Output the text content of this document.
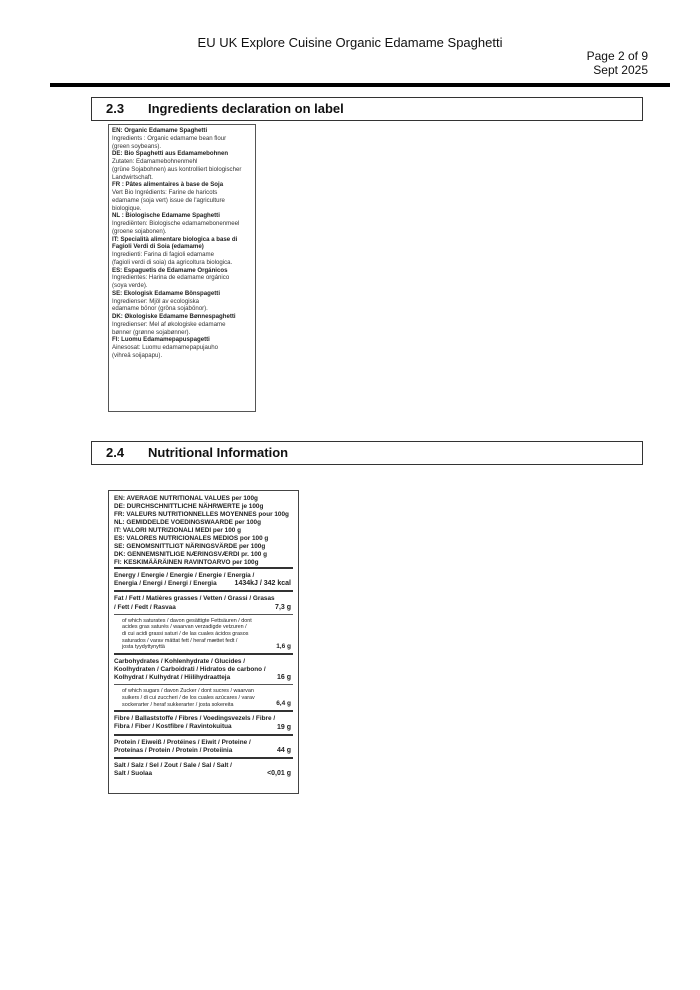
EU UK Explore Cuisine Organic Edamame Spaghetti
Page 2 of 9
Sept 2025
2.3 Ingredients declaration on label
EN: Organic Edamame Spaghetti
Ingredients : Organic edamame bean flour
(green soybeans).
DE: Bio Spaghetti aus Edamamebohnen
Zutaten: Edamamebohnenmehl
(grüne Sojabohnen) aus kontrolliert biologischer
Landwirtschaft.
FR : Pâtes alimentaires à base de Soja
Vert Bio Ingrédients: Farine de haricots
edamame (soja vert) issue de l'agriculture
biologique.
NL : Biologische Edamame Spaghetti
Ingrediënten: Biologische edamamebonenmeel
(groene sojabonen).
IT: Specialità alimentare biologica a base di
Fagioli Verdi di Soia (edamame)
Ingredienti: Farina di fagioli edamame
(fagioli verdi di soia) da agricoltura biologica.
ES: Espaguetis de Edamame Orgánicos
Ingredientes: Harina de edamame orgánico
(soya verde).
SE: Ekologisk Edamame Bönspagetti
Ingredienser: Mjöl av ecologiska
edamame bönor (gröna sojabönor).
DK: Økologiske Edamame Bønnespaghetti
Ingredienser: Mel af økologiske edamame
bønner (grønne sojabønner).
FI: Luomu Edamamepapuspagetti
Ainesosat: Luomu edamamepapujauho
(vihreä soijapapu).
2.4 Nutritional Information
EN: AVERAGE NUTRITIONAL VALUES per 100g
DE: DURCHSCHNITTLICHE NÄHRWERTE je 100g
FR: VALEURS NUTRITIONNELLES MOYENNES pour 100g
NL: GEMIDDELDE VOEDINGSWAARDE per 100g
IT: VALORI NUTRIZIONALI MEDI per 100 g
ES: VALORES NUTRICIONALES MEDIOS por 100 g
SE: GENOMSNITTLIGT NÄRINGSVÄRDE per 100g
DK: GENNEMSNITLIGE NÆRINGSVÆRDI pr. 100 g
FI: KESKIMÄÄRÄINEN RAVINTOARVO per 100g
Energy / Energie / Energie / Energie / Energía /
Energia / Energi / Energi / Energia	1434kJ / 342 kcal
Fat / Fett / Matières grasses / Vetten / Grassi / Grasas
/ Fett / Fedt / Rasvaa	7,3 g
of which saturates / davon gesättigte Fettsäuren / dont
acides gras saturés / waarvan verzadigde vetzuren /
di cui acidi grassi saturi / de las cuales ácidos grasos
saturados / varav mättat fett / heraf mættet fedt /
josta tyydyttynyttä	1,6 g
Carbohydrates / Kohlenhydrate / Glucides /
Koolhydraten / Carboidrati / Hidratos de carbono /
Kolhydrat / Kulhydrat / Hiilihydraatteja	16 g
of which sugars / davon Zucker / dont sucres / waarvan
suikers / di cui zuccheri / de los cuales azúcares / varav
sockerarter / heraf sukkerarter / josta sokereita	6,4 g
Fibre / Ballaststoffe / Fibres / Voedingsvezels / Fibre /
Fibra / Fiber / Kostfibre / Ravintokuitua	19 g
Protein / Eiweiß / Protéines / Eiwit / Proteine /
Proteínas / Protein / Protein / Proteiinia	44 g
Salt / Salz / Sel / Zout / Sale / Sal / Salt /
Salt / Suolaa	<0,01 g
